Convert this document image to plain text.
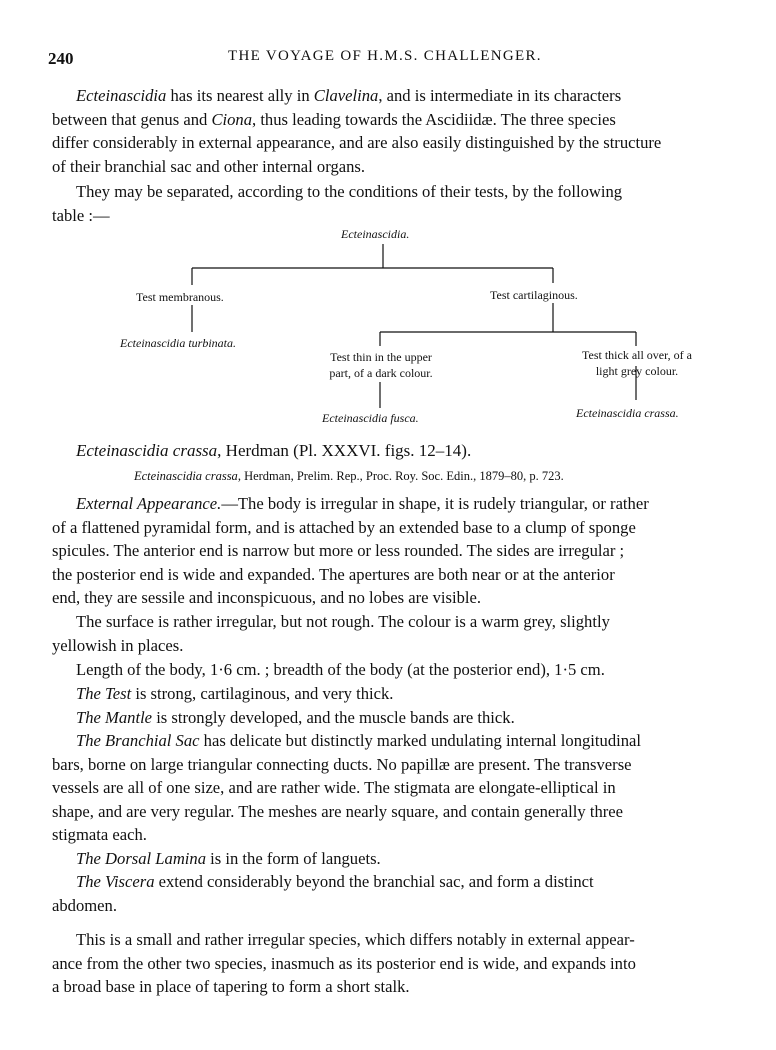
240	THE VOYAGE OF H.M.S. CHALLENGER.
Ecteinascidia has its nearest ally in Clavelina, and is intermediate in its characters
between that genus and Ciona, thus leading towards the Ascidiidæ. The three species
differ considerably in external appearance, and are also easily distinguished by the structure
of their branchial sac and other internal organs.
They may be separated, according to the conditions of their tests, by the following
table :—
Ecteinascidia.
Test membranous.	Test cartilaginous.
Ecteinascidia turbinata.
Test thin in the upper
part, of a dark colour.
Test thick all over, of a
light grey colour.
Ecteinascidia fusca.	Ecteinascidia crassa.
Ecteinascidia crassa, Herdman (Pl. XXXVI. figs. 12–14).
Ecteinascidia crassa, Herdman, Prelim. Rep., Proc. Roy. Soc. Edin., 1879–80, p. 723.
External Appearance.—The body is irregular in shape, it is rudely triangular, or rather
of a flattened pyramidal form, and is attached by an extended base to a clump of sponge
spicules. The anterior end is narrow but more or less rounded. The sides are irregular ;
the posterior end is wide and expanded. The apertures are both near or at the anterior
end, they are sessile and inconspicuous, and no lobes are visible.
The surface is rather irregular, but not rough. The colour is a warm grey, slightly
yellowish in places.
Length of the body, 1·6 cm. ; breadth of the body (at the posterior end), 1·5 cm.
The Test is strong, cartilaginous, and very thick.
The Mantle is strongly developed, and the muscle bands are thick.
The Branchial Sac has delicate but distinctly marked undulating internal longitudinal
bars, borne on large triangular connecting ducts. No papillæ are present. The transverse
vessels are all of one size, and are rather wide. The stigmata are elongate-elliptical in
shape, and are very regular. The meshes are nearly square, and contain generally three
stigmata each.
The Dorsal Lamina is in the form of languets.
The Viscera extend considerably beyond the branchial sac, and form a distinct
abdomen.
This is a small and rather irregular species, which differs notably in external appear-
ance from the other two species, inasmuch as its posterior end is wide, and expands into
a broad base in place of tapering to form a short stalk.
